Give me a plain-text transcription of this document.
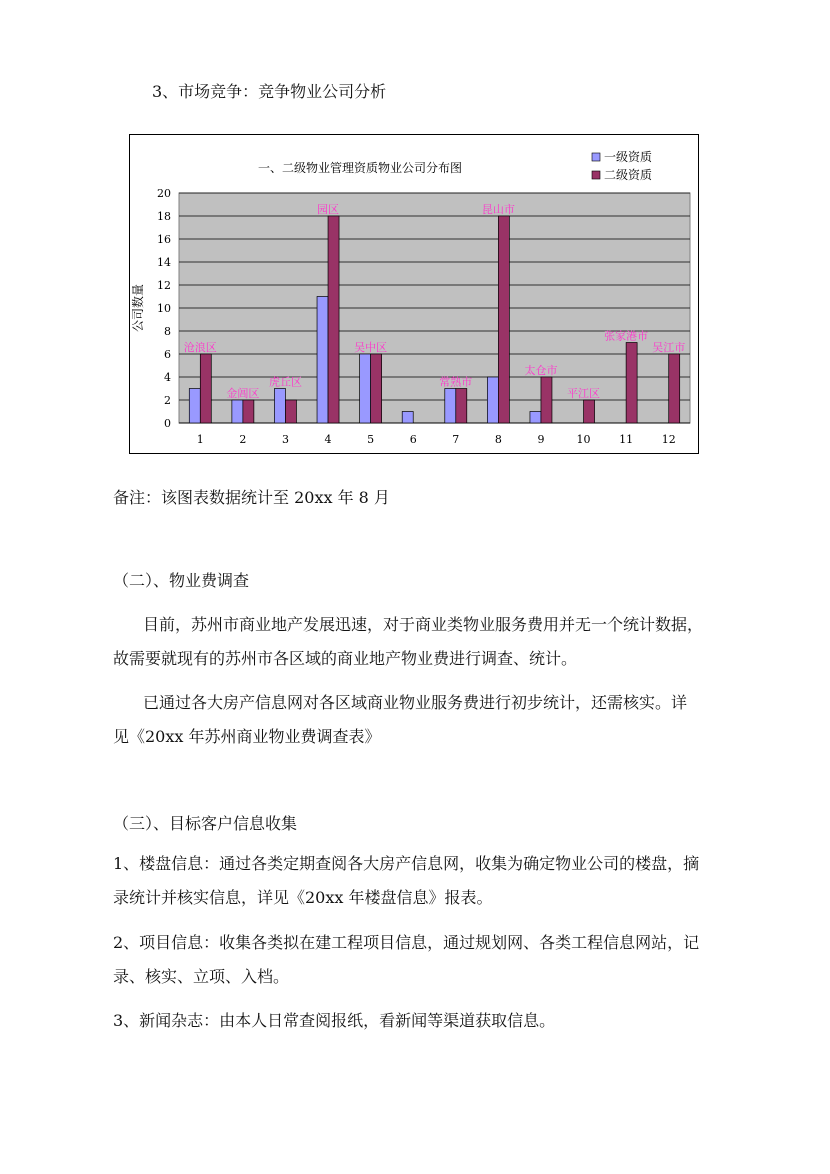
3、市场竞争：竞争物业公司分析
一、二级物业管理资质物业公司分布图
一级资质
二级资质
公司数量
0
2
4
6
8
10
12
14
16
18
20
1
沧浪区
2
金阊区
3
虎丘区
4
园区
5
吴中区
6	7
常熟市
8
昆山市
9
太仓市
10
平江区
11
张家港市
12
吴江市
备注：该图表数据统计至 20xx 年 8 月
（二）、物业费调查
目前，苏州市商业地产发展迅速，对于商业类物业服务费用并无一个统计数据，
故需要就现有的苏州市各区域的商业地产物业费进行调查、统计。
已通过各大房产信息网对各区域商业物业服务费进行初步统计，还需核实。详
见《20xx 年苏州商业物业费调查表》
（三）、目标客户信息收集
1、楼盘信息：通过各类定期查阅各大房产信息网，收集为确定物业公司的楼盘，摘
录统计并核实信息，详见《20xx 年楼盘信息》报表。
2、项目信息：收集各类拟在建工程项目信息，通过规划网、各类工程信息网站，记
录、核实、立项、入档。
3、新闻杂志：由本人日常查阅报纸，看新闻等渠道获取信息。
